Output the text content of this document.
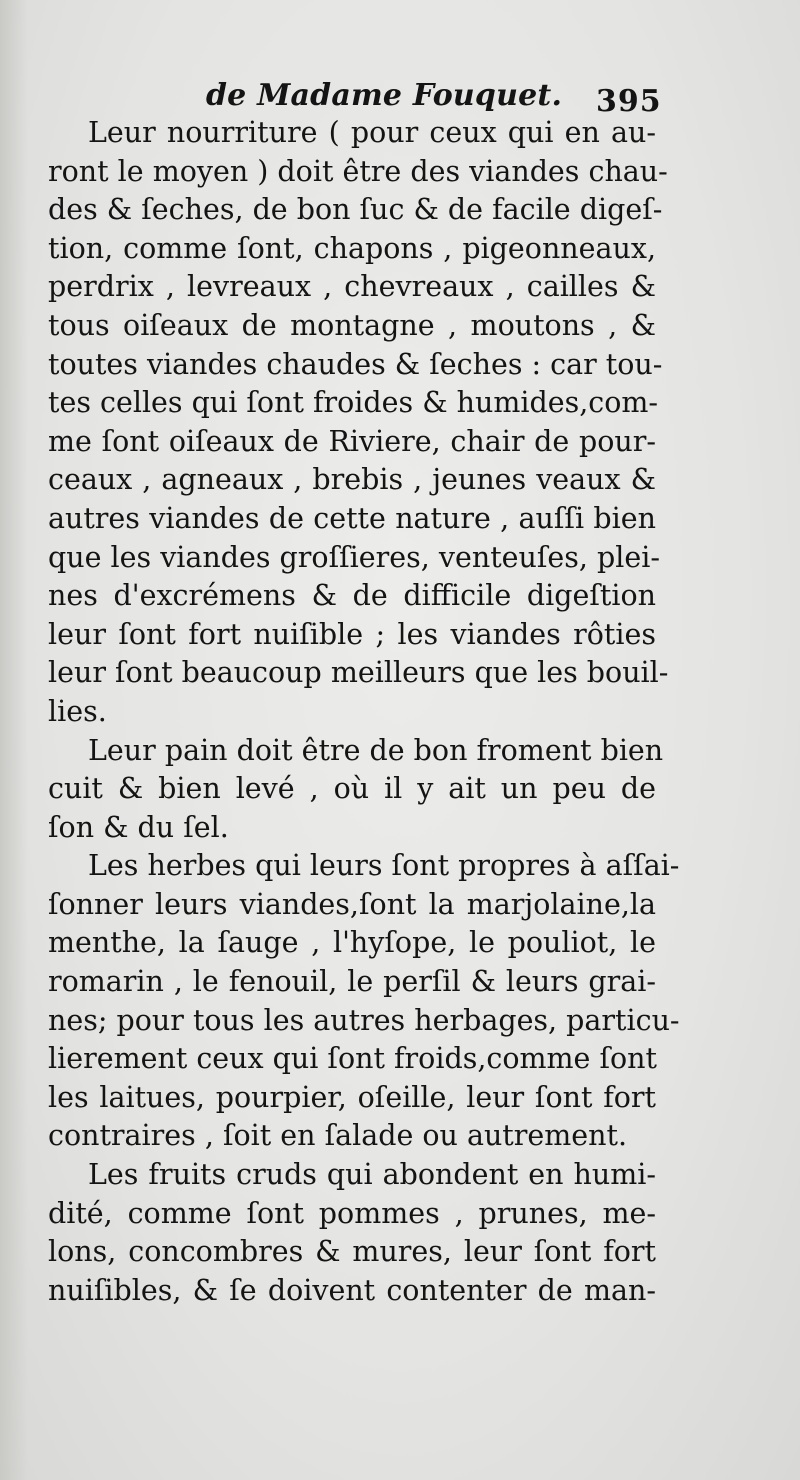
de Madame Fouquet. 395
Leur nourriture ( pour ceux qui en au-
ront le moyen ) doit être des viandes chau-
des & ſeches, de bon ſuc & de facile digeſ-
tion, comme ſont, chapons , pigeonneaux,
perdrix , levreaux , chevreaux , cailles &
tous oiſeaux de montagne , moutons , &
toutes viandes chaudes & ſeches : car tou-
tes celles qui ſont froides & humides,com-
me ſont oiſeaux de Riviere, chair de pour-
ceaux , agneaux , brebis , jeunes veaux &
autres viandes de cette nature , auſſi bien
que les viandes groſſieres, venteuſes, plei-
nes d'excrémens & de difficile digeſtion
leur ſont fort nuiſible ; les viandes rôties
leur ſont beaucoup meilleurs que les bouil-
lies.
Leur pain doit être de bon froment bien
cuit & bien levé , où il y ait un peu de
ſon & du ſel.
Les herbes qui leurs ſont propres à aſſai-
ſonner leurs viandes,ſont la marjolaine,la
menthe, la ſauge , l'hyſope, le pouliot, le
romarin , le fenouil, le perſil & leurs grai-
nes; pour tous les autres herbages, particu-
lierement ceux qui ſont froids,comme ſont
les laitues, pourpier, oſeille, leur ſont fort
contraires , ſoit en ſalade ou autrement.
Les fruits cruds qui abondent en humi-
dité, comme ſont pommes , prunes, me-
lons, concombres & mures, leur ſont fort
nuiſibles, & ſe doivent contenter de man-
